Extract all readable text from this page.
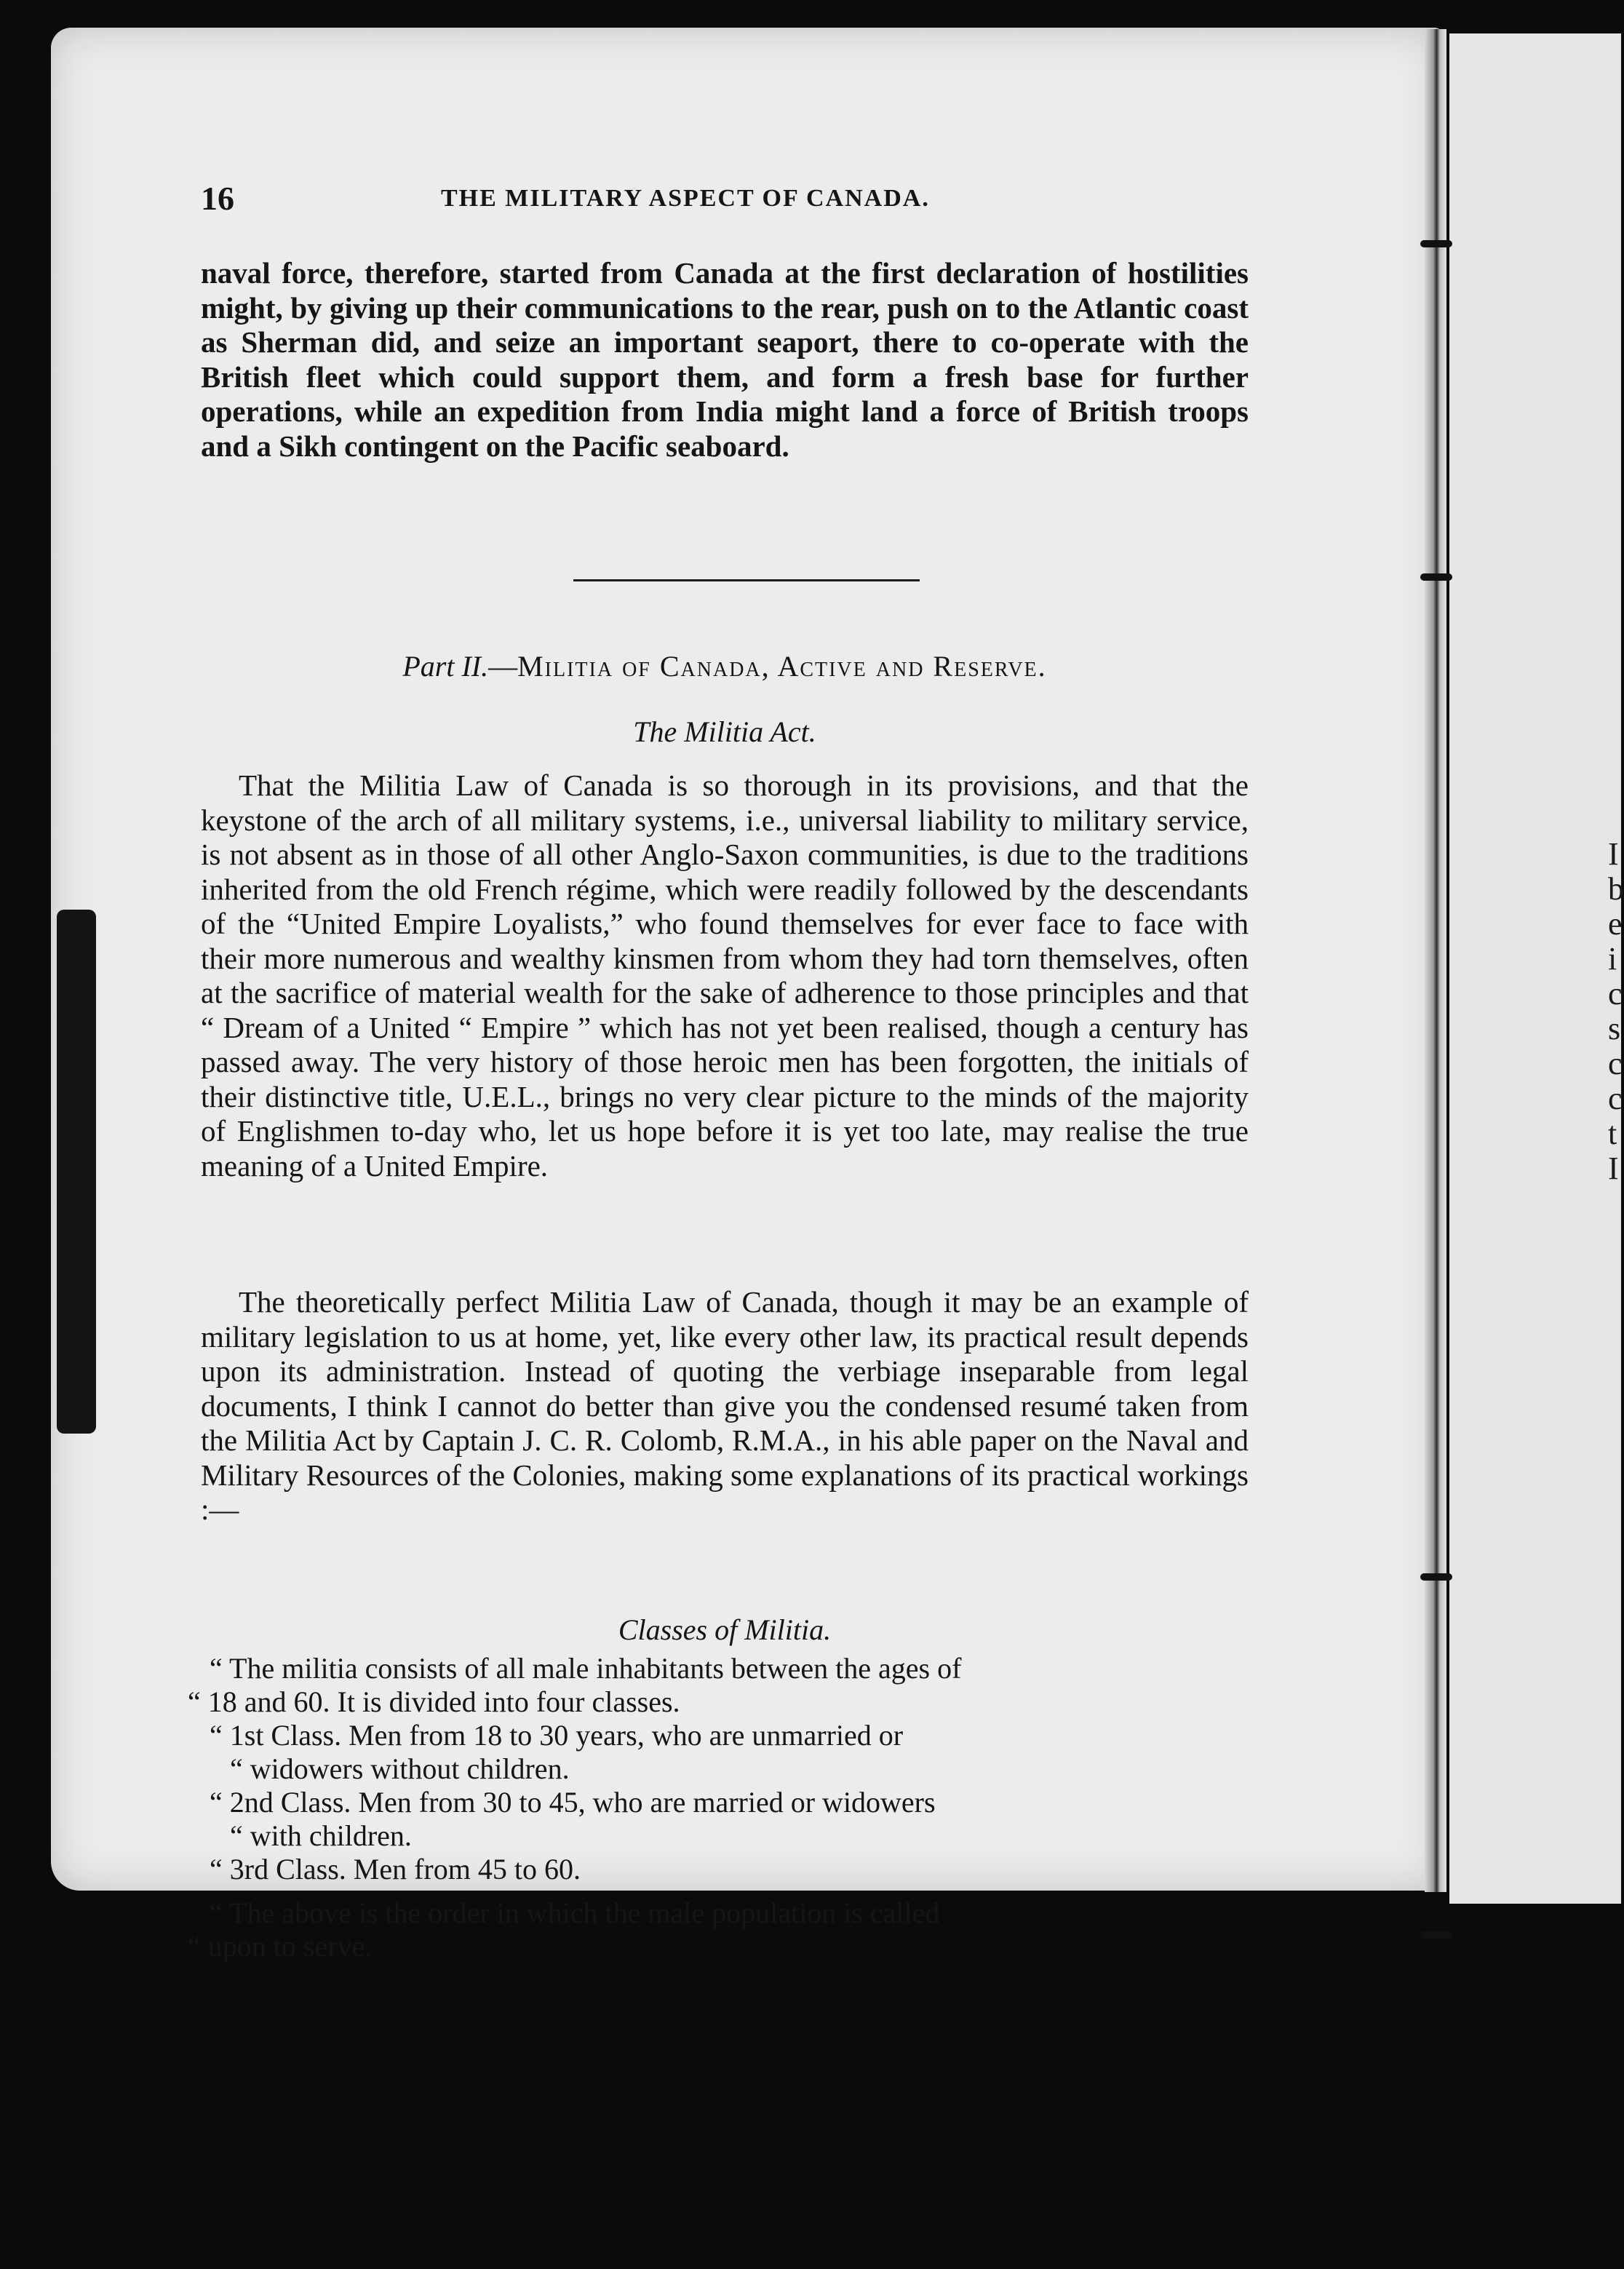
I b e i c s c c t I
16	THE MILITARY ASPECT OF CANADA.
naval force, therefore, started from Canada at the first declaration of hostilities might, by giving up their communications to the rear, push on to the Atlantic coast as Sherman did, and seize an important seaport, there to co-operate with the British fleet which could support them, and form a fresh base for further operations, while an expedition from India might land a force of British troops and a Sikh contingent on the Pacific seaboard.
Part II.—Militia of Canada, Active and Reserve.
The Militia Act.
That the Militia Law of Canada is so thorough in its provisions, and that the keystone of the arch of all military systems, i.e., universal liability to military service, is not absent as in those of all other Anglo-Saxon communities, is due to the traditions inherited from the old French régime, which were readily followed by the descendants of the “United Empire Loyalists,” who found themselves for ever face to face with their more numerous and wealthy kinsmen from whom they had torn themselves, often at the sacrifice of material wealth for the sake of adherence to those principles and that “ Dream of a United “ Empire ” which has not yet been realised, though a century has passed away. The very history of those heroic men has been forgotten, the initials of their distinctive title, U.E.L., brings no very clear picture to the minds of the majority of Englishmen to-day who, let us hope before it is yet too late, may realise the true meaning of a United Empire.
The theoretically perfect Militia Law of Canada, though it may be an example of military legislation to us at home, yet, like every other law, its practical result depends upon its administration. Instead of quoting the verbiage inseparable from legal documents, I think I cannot do better than give you the condensed resumé taken from the Militia Act by Captain J. C. R. Colomb, R.M.A., in his able paper on the Naval and Military Resources of the Colonies, making some explanations of its practical workings :—
Classes of Militia.
“ The militia consists of all male inhabitants between the ages of
“ 18 and 60. It is divided into four classes.
“ 1st Class. Men from 18 to 30 years, who are unmarried or
“ widowers without children.
“ 2nd Class. Men from 30 to 45, who are married or widowers
“ with children.
“ 3rd Class. Men from 45 to 60.
“ The above is the order in which the male population is called
“ upon to serve.
